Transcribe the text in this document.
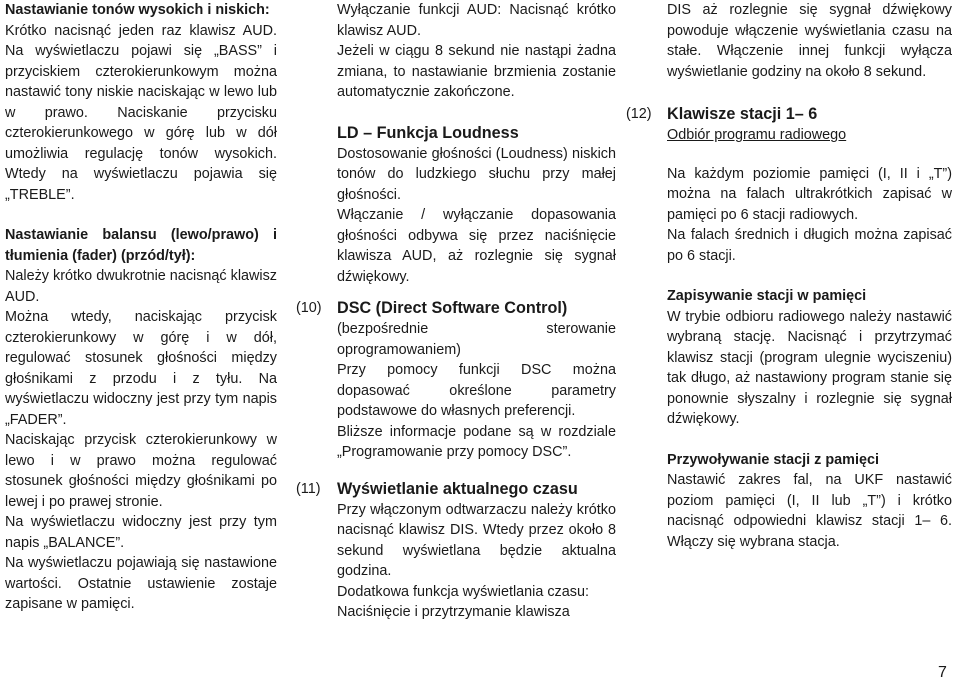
Nastawianie tonów wysokich i niskich:

Krótko nacisnąć jeden raz klawisz AUD. Na wyświetlaczu pojawi się „BASS” i przyciskiem czterokierunkowym można nastawić tony niskie naciskając w lewo lub w prawo. Naciskanie przycisku czterokierunkowego w górę lub w dół umożliwia regulację tonów wysokich. Wtedy na wyświetlaczu pojawia się „TREBLE”.

Nastawianie balansu (lewo/prawo) i tłumienia (fader) (przód/tył):

Należy krótko dwukrotnie nacisnąć klawisz AUD.

Można wtedy, naciskając przycisk czterokierunkowy w górę i w dół, regulować stosunek głośności między głośnikami z przodu i z tyłu. Na wyświetlaczu widoczny jest przy tym napis „FADER”.

Naciskając przycisk czterokierunkowy w lewo i w prawo można regulować stosunek głośności między głośnikami po lewej i po prawej stronie.

Na wyświetlaczu widoczny jest przy tym napis „BALANCE”.

Na wyświetlaczu pojawiają się nastawione wartości. Ostatnie ustawienie zostaje zapisane w pamięci.

Wyłączanie funkcji AUD: Nacisnąć krótko klawisz AUD.

Jeżeli w ciągu 8 sekund nie nastąpi żadna zmiana, to nastawianie brzmienia zostanie automatycznie zakończone.

LD – Funkcja Loudness

Dostosowanie głośności (Loudness) niskich tonów do ludzkiego słuchu przy małej głośności.

Włączanie / wyłączanie dopasowania głośności odbywa się przez naciśnięcie klawisza AUD, aż rozlegnie się sygnał dźwiękowy.

(10) DSC (Direct Software Control)

(bezpośrednie sterowanie oprogramowaniem)

Przy pomocy funkcji DSC można dopasować określone parametry podstawowe do własnych preferencji.

Bliższe informacje podane są w rozdziale „Programowanie przy pomocy DSC”.

(11)	Wyświetlanie aktualnego czasu

Przy włączonym odtwarzaczu należy krótko nacisnąć klawisz DIS. Wtedy przez około 8 sekund wyświetlana będzie aktualna godzina.

Dodatkowa funkcja wyświetlania czasu:

Naciśnięcie i przytrzymanie klawisza

DIS aż rozlegnie się sygnał dźwiękowy powoduje włączenie wyświetlania czasu na stałe. Włączenie innej funkcji wyłącza wyświetlanie godziny na około 8 sekund.

(12) Klawisze stacji 1– 6

Odbiór programu radiowego

Na każdym poziomie pamięci (I, II i „T”) można na falach ultrakrótkich zapisać w pamięci po 6 stacji radiowych.

Na falach średnich i długich można zapisać po 6 stacji.

Zapisywanie stacji w pamięci

W trybie odbioru radiowego należy nastawić wybraną stację. Nacisnąć i przytrzymać klawisz stacji (program ulegnie wyciszeniu) tak długo, aż nastawiony program stanie się ponownie słyszalny i rozlegnie się sygnał dźwiękowy.

Przywoływanie stacji z pamięci

Nastawić zakres fal, na UKF nastawić poziom pamięci (I, II lub „T”) i krótko nacisnąć odpowiedni klawisz stacji 1– 6. Włączy się wybrana stacja.

7
